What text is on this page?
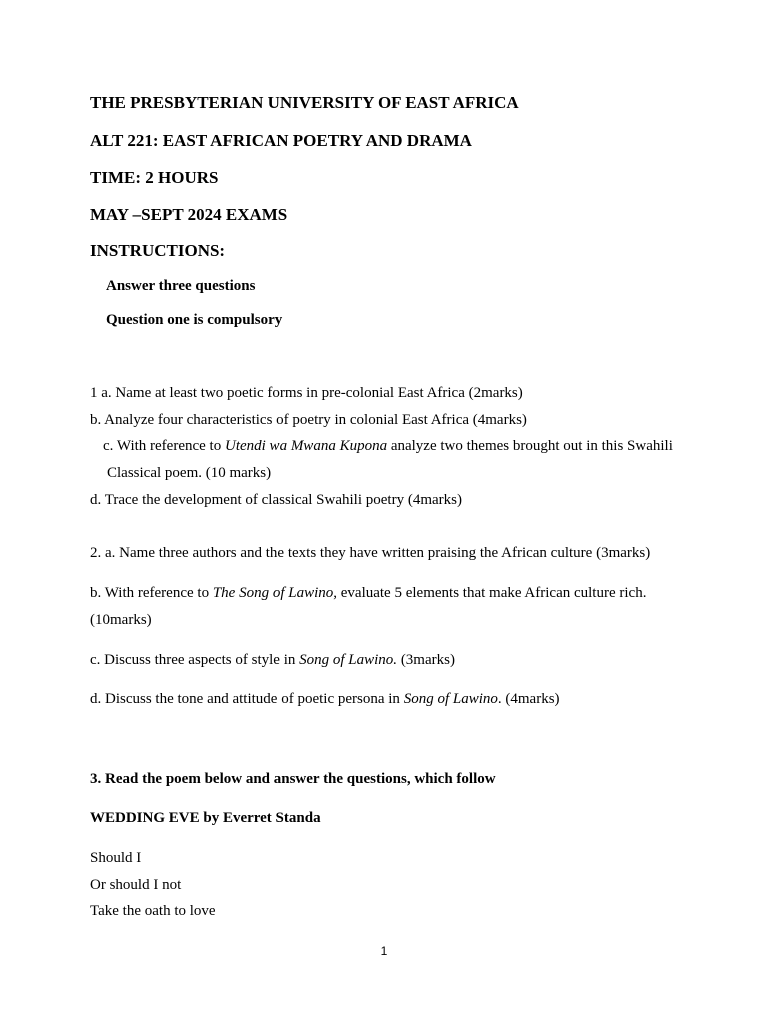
THE PRESBYTERIAN UNIVERSITY OF EAST AFRICA
ALT 221: EAST AFRICAN POETRY AND DRAMA
TIME: 2 HOURS
MAY –SEPT 2024 EXAMS
INSTRUCTIONS:
Answer three questions
Question one is compulsory
1 a. Name at least two poetic forms in pre-colonial East Africa (2marks)
b. Analyze four characteristics of poetry in colonial East Africa (4marks)
c. With reference to Utendi wa Mwana Kupona analyze two themes brought out in this Swahili
Classical poem. (10 marks)
d. Trace the development of classical Swahili poetry (4marks)
2. a. Name three authors and the texts they have written praising the African culture (3marks)
b. With reference to The Song of Lawino, evaluate 5 elements that make African culture rich.
(10marks)
c. Discuss three aspects of style in Song of Lawino. (3marks)
d. Discuss the tone and attitude of poetic persona in Song of Lawino. (4marks)
3. Read the poem below and answer the questions, which follow
WEDDING EVE by Everret Standa
Should I
Or should I not
Take the oath to love
1
